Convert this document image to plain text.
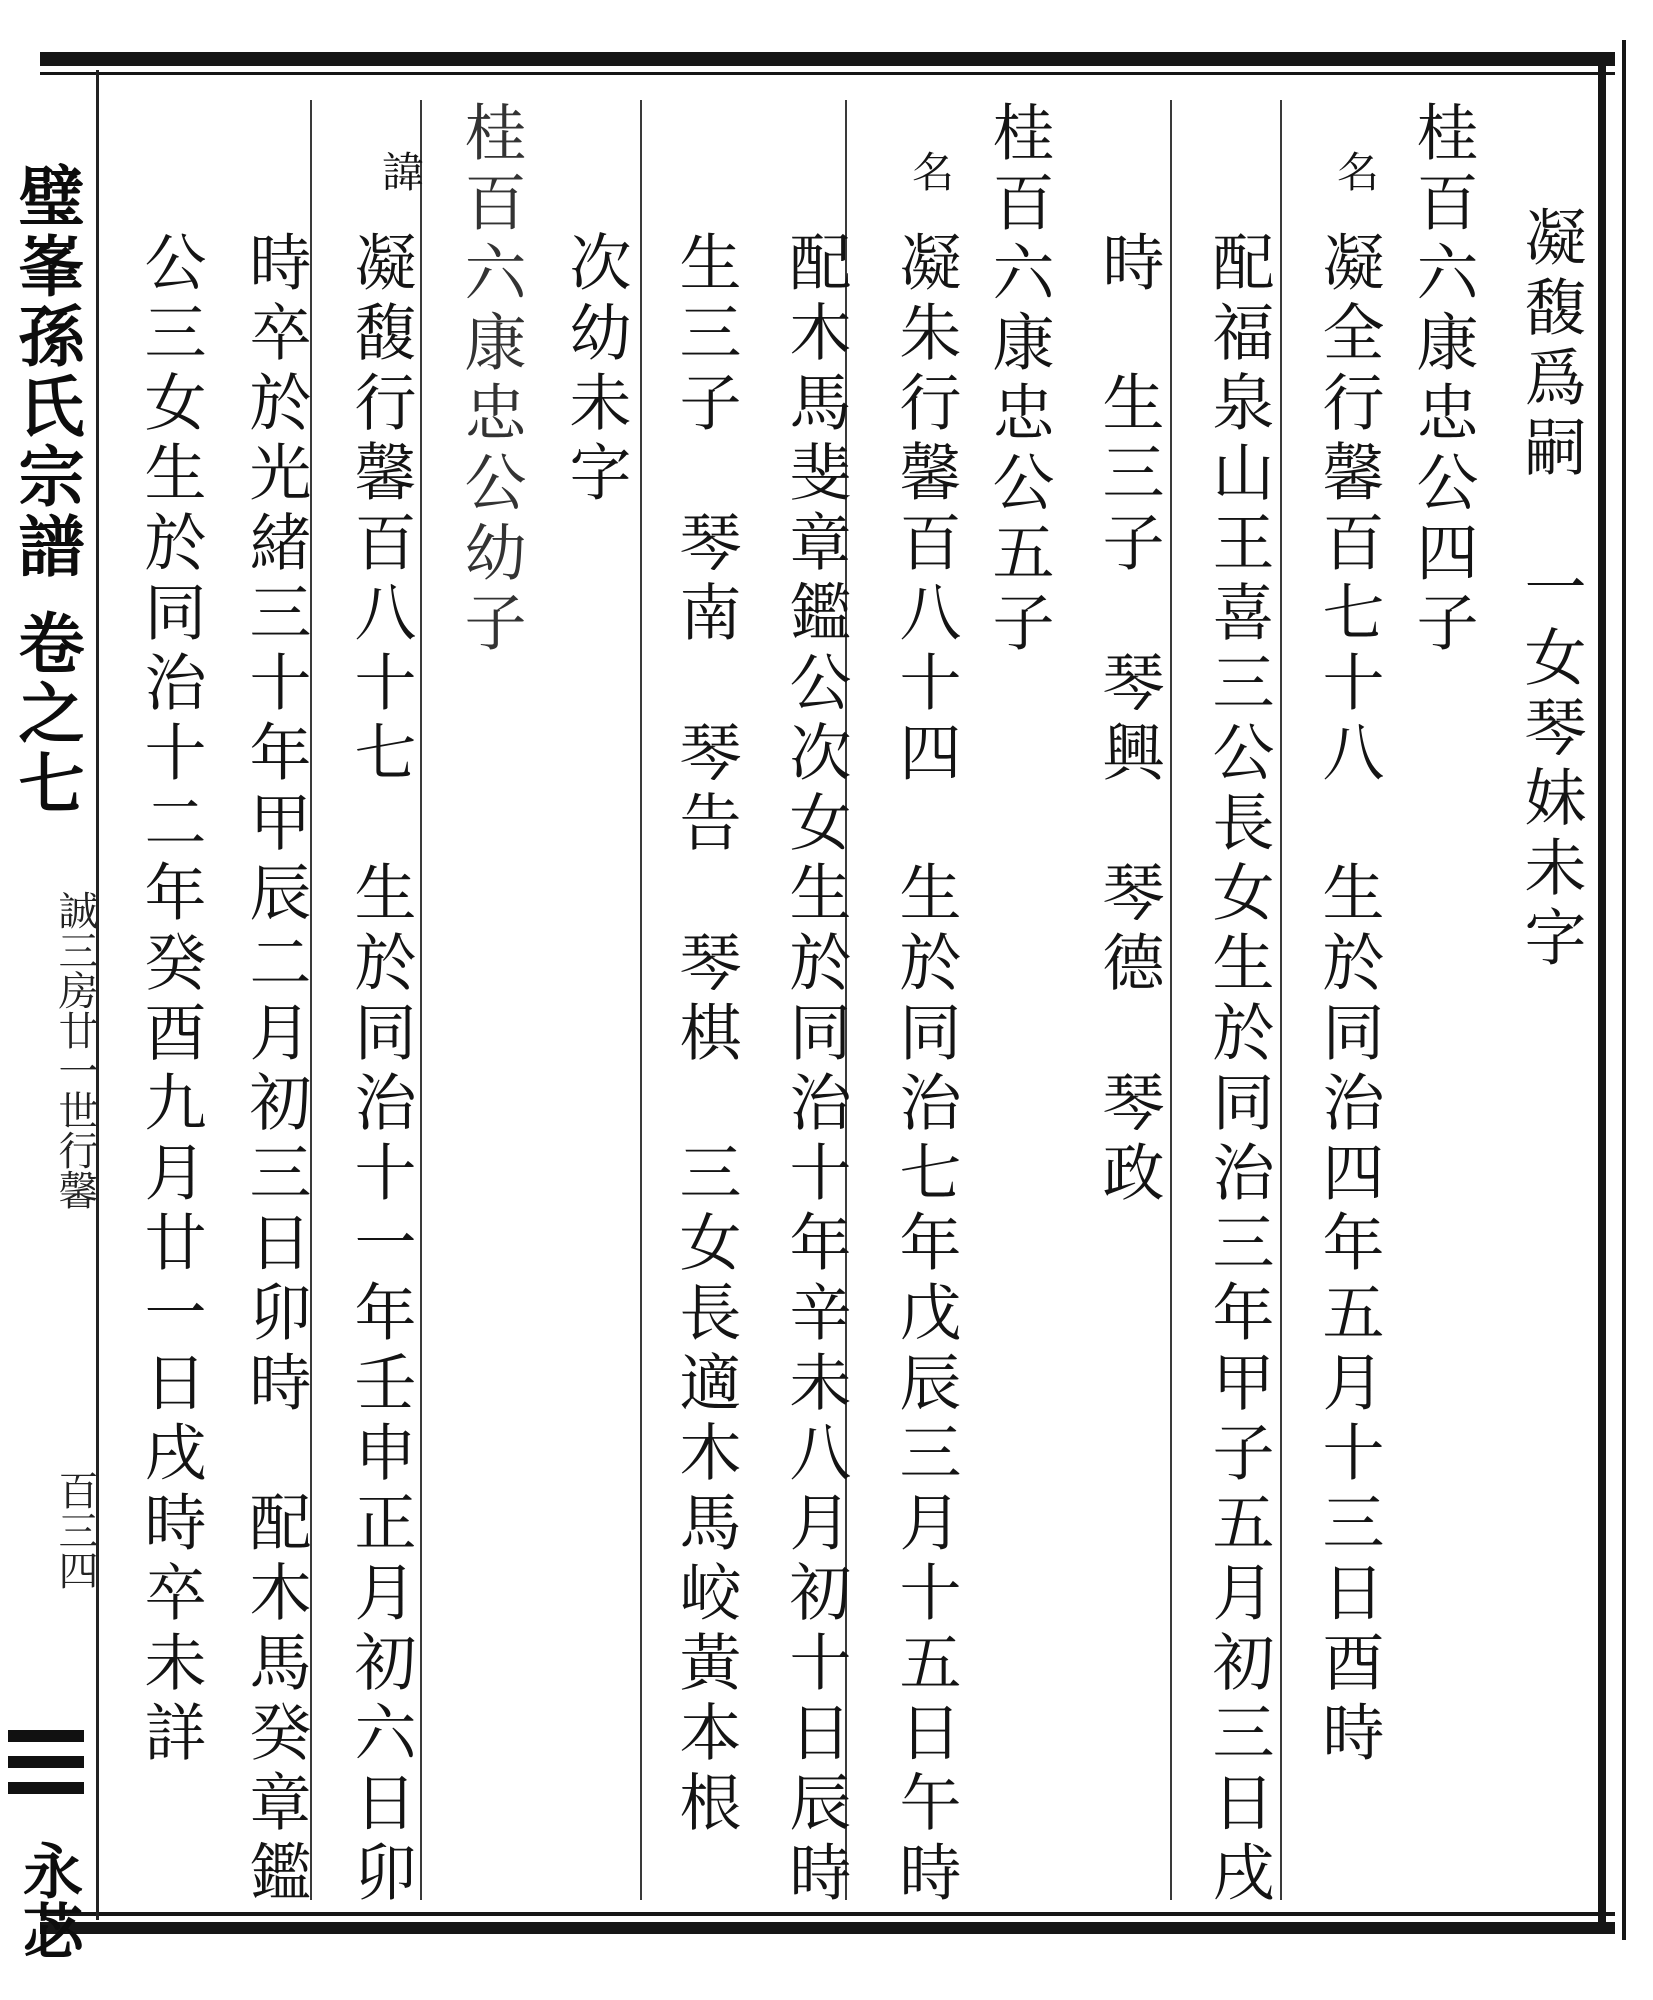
璧峯孫氏宗譜 卷之七
誠三房廿一世行馨
百三四
永苾
凝馥爲嗣　一女琴妹未字
桂百六康忠公四子
名
凝全行馨百七十八　生於同治四年五月十三日酉時
配福泉山王喜三公長女生於同治三年甲子五月初三日戌
時　生三子　琴興　琴德　琴政
桂百六康忠公五子
名
凝朱行馨百八十四　生於同治七年戊辰三月十五日午時
配木馬斐章鑑公次女生於同治十年辛未八月初十日辰時
生三子　琴南　琴告　琴棋　三女長適木馬峧黃本根
次幼未字
桂百六康忠公幼子
諱
凝馥行馨百八十七　生於同治十一年壬申正月初六日卯
時卒於光緒三十年甲辰二月初三日卯時　配木馬癸章鑑
公三女生於同治十二年癸酉九月廿一日戌時卒未詳
